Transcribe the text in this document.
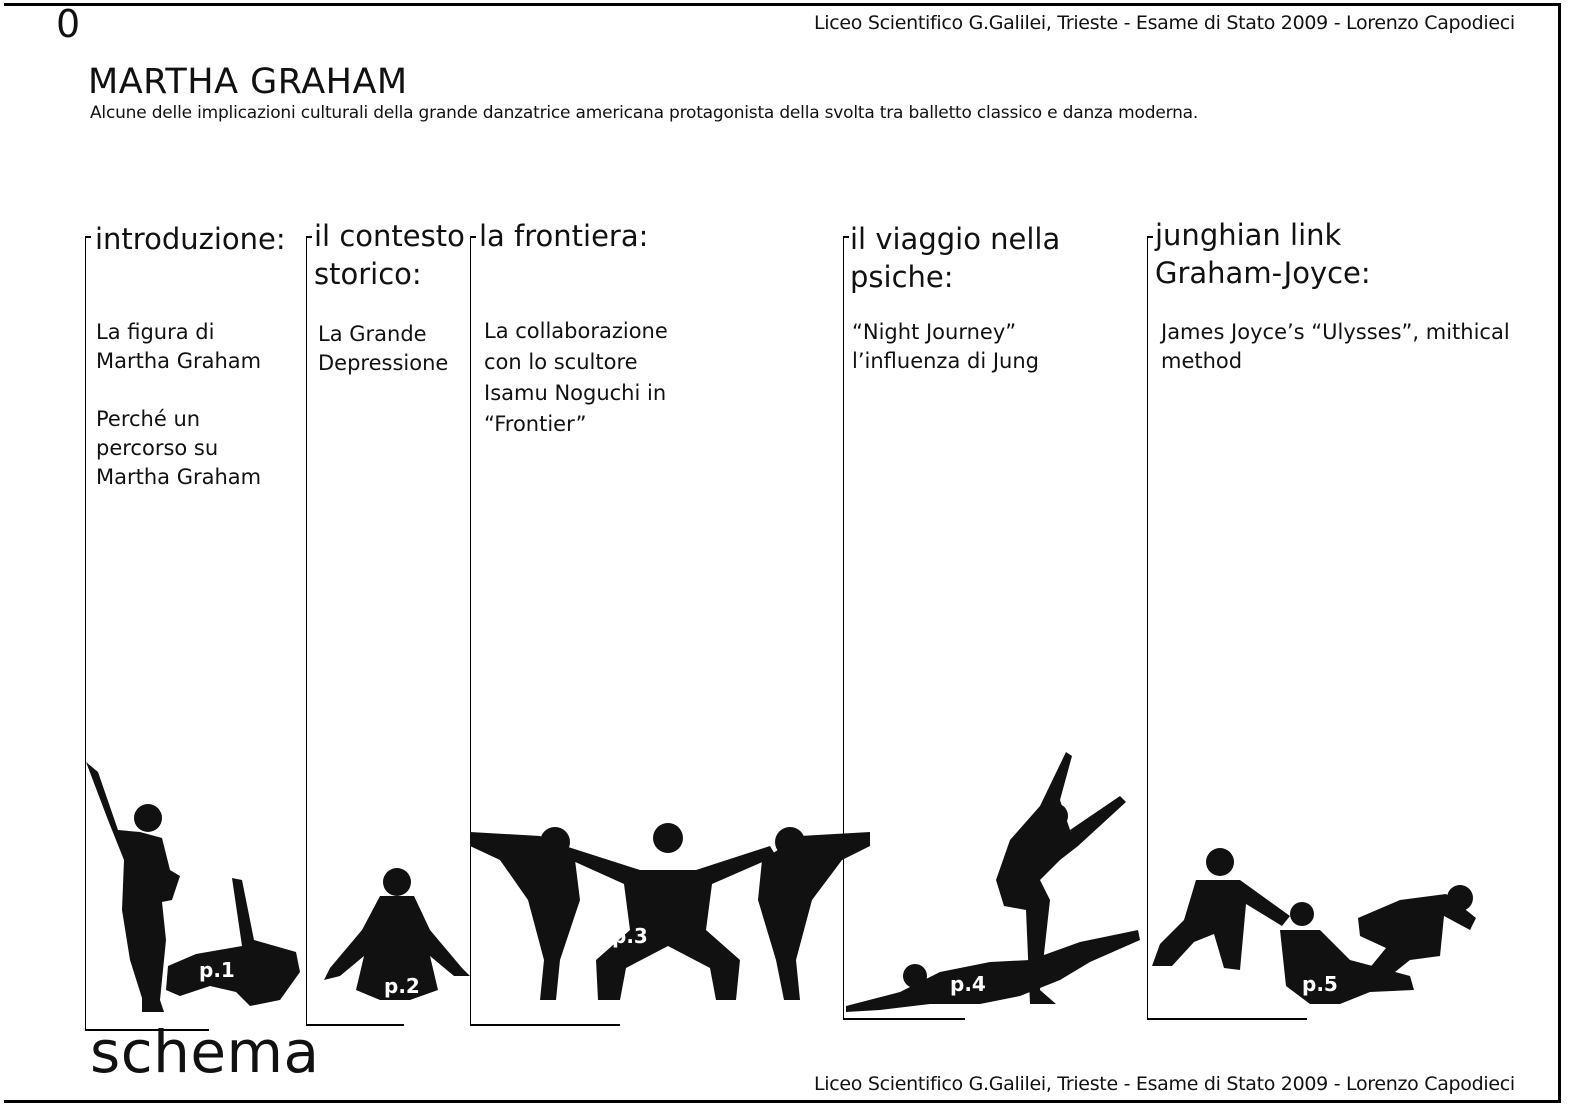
0	Liceo Scientifico G.Galilei, Trieste - Esame di Stato 2009 - Lorenzo Capodieci
MARTHA GRAHAM
Alcune delle implicazioni culturali della grande danzatrice americana protagonista della svolta tra balletto classico e danza moderna.
introduzione:

La figura di
Martha Graham

Perché un
percorso su
Martha Graham

il contesto
storico:

La Grande
Depressione

la frontiera:

La collaborazione
con lo scultore
Isamu Noguchi in
“Frontier”

il viaggio nella
psiche:

“Night Journey”
l’influenza di Jung

junghian link
Graham-Joyce:

James Joyce’s “Ulysses”, mithical
method

p.1
p.2
p.3
p.4	p.5
schema	Liceo Scientifico G.Galilei, Trieste - Esame di Stato 2009 - Lorenzo Capodieci
